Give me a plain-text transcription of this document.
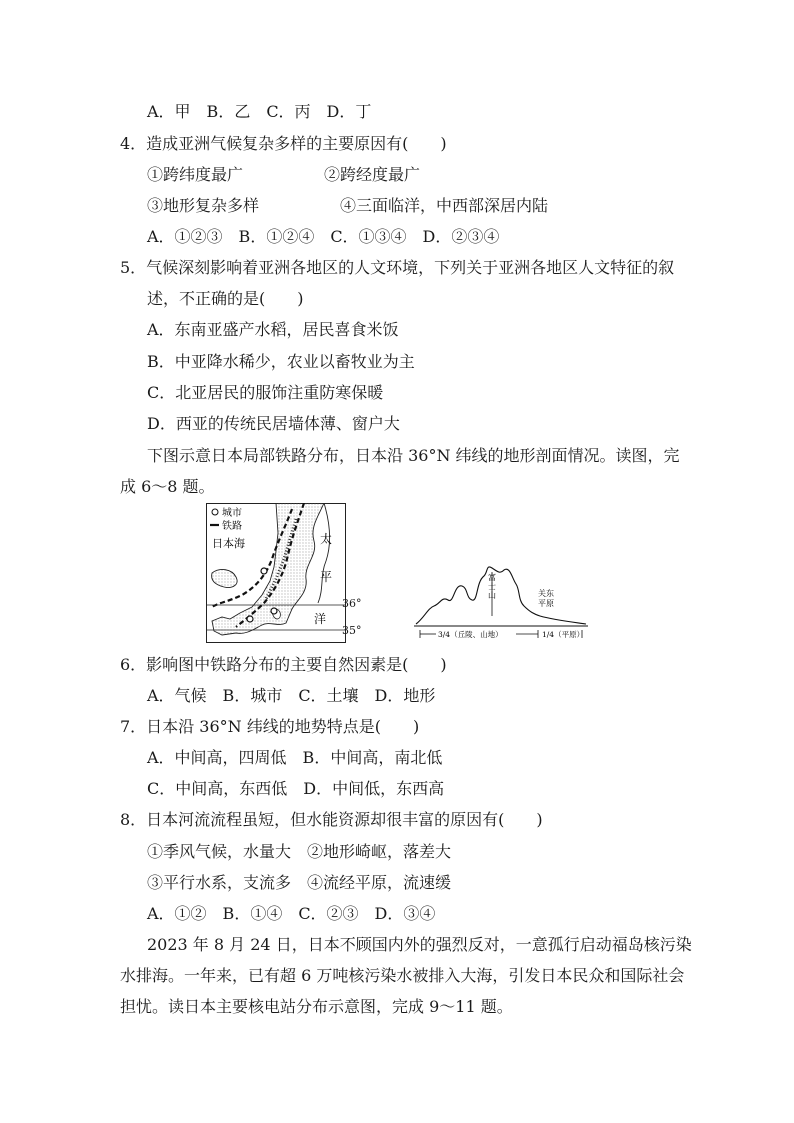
A．甲　B．乙　C．丙　D．丁
4．造成亚洲气候复杂多样的主要原因有(　　)
①跨纬度最广	②跨经度最广
③地形复杂多样	④三面临洋，中西部深居内陆
A．①②③　B．①②④　C．①③④　D．②③④
5．气候深刻影响着亚洲各地区的人文环境，下列关于亚洲各地区人文特征的叙
述，不正确的是(　　)
A．东南亚盛产水稻，居民喜食米饭
B．中亚降水稀少，农业以畜牧业为主
C．北亚居民的服饰注重防寒保暖
D．西亚的传统民居墙体薄、窗户大
下图示意日本局部铁路分布，日本沿 36°N 纬线的地形剖面情况。读图，完
成 6～8 题。
城市
铁路
日本海	太
平
洋
36°
35°
富
士
山	关东
平原
3/4（丘陵、山地）	1/4（平原）
6．影响图中铁路分布的主要自然因素是(　　)
A．气候　B．城市　C．土壤　D．地形
7．日本沿 36°N 纬线的地势特点是(　　)
A．中间高，四周低　B．中间高，南北低
C．中间高，东西低　D．中间低，东西高
8．日本河流流程虽短，但水能资源却很丰富的原因有(　　)
①季风气候，水量大　②地形崎岖，落差大
③平行水系，支流多　④流经平原，流速缓
A．①②　B．①④　C．②③　D．③④
2023 年 8 月 24 日，日本不顾国内外的强烈反对，一意孤行启动福岛核污染
水排海。一年来，已有超 6 万吨核污染水被排入大海，引发日本民众和国际社会
担忧。读日本主要核电站分布示意图，完成 9～11 题。
